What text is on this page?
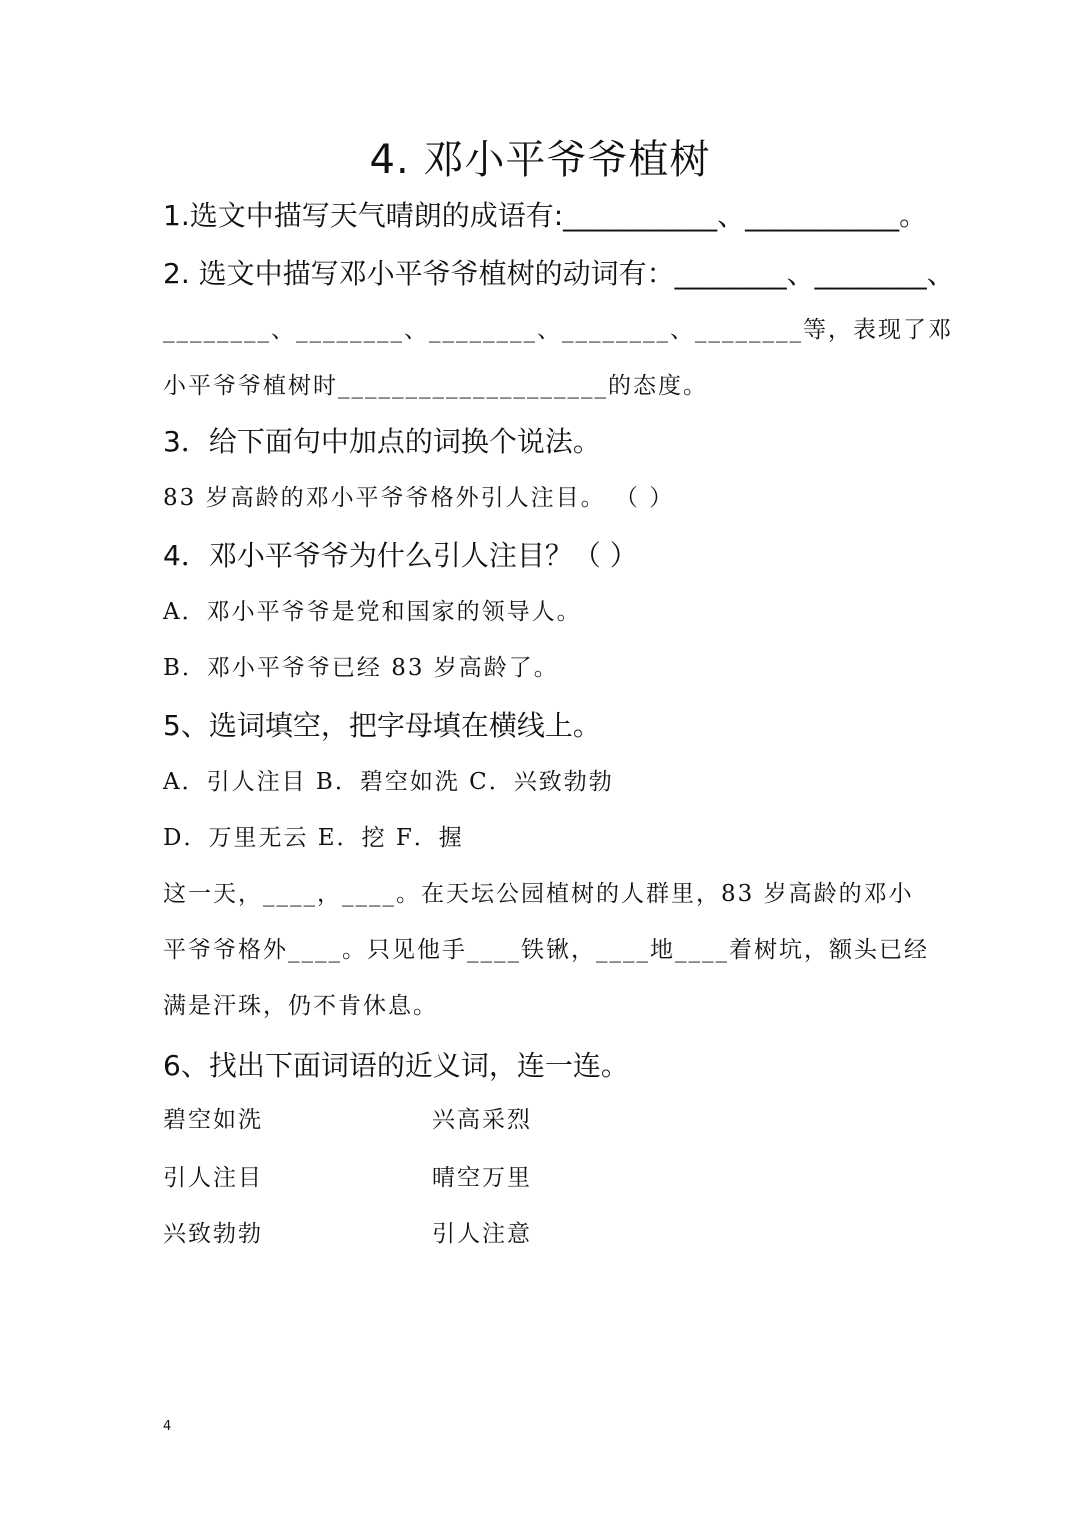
4. 邓小平爷爷植树
1.选文中描写天气晴朗的成语有:___________、___________。
2. 选文中描写邓小平爷爷植树的动词有：________、________、
________、________、________、________、________等，表现了邓
小平爷爷植树时____________________的态度。
3．给下面句中加点的词换个说法。
83 岁高龄的邓小平爷爷格外引人注目。 （ ）
4．邓小平爷爷为什么引人注目？（ ）
A．邓小平爷爷是党和国家的领导人。
B．邓小平爷爷已经 83 岁高龄了。
5、选词填空，把字母填在横线上。
A．引人注目 B．碧空如洗 C．兴致勃勃
D．万里无云 E．挖 F．握
这一天，____，____。在天坛公园植树的人群里，83 岁高龄的邓小
平爷爷格外____。只见他手____铁锹，____地____着树坑，额头已经
满是汗珠，仍不肯休息。
6、找出下面词语的近义词，连一连。
碧空如洗	兴高采烈
引人注目	晴空万里
兴致勃勃	引人注意
4
